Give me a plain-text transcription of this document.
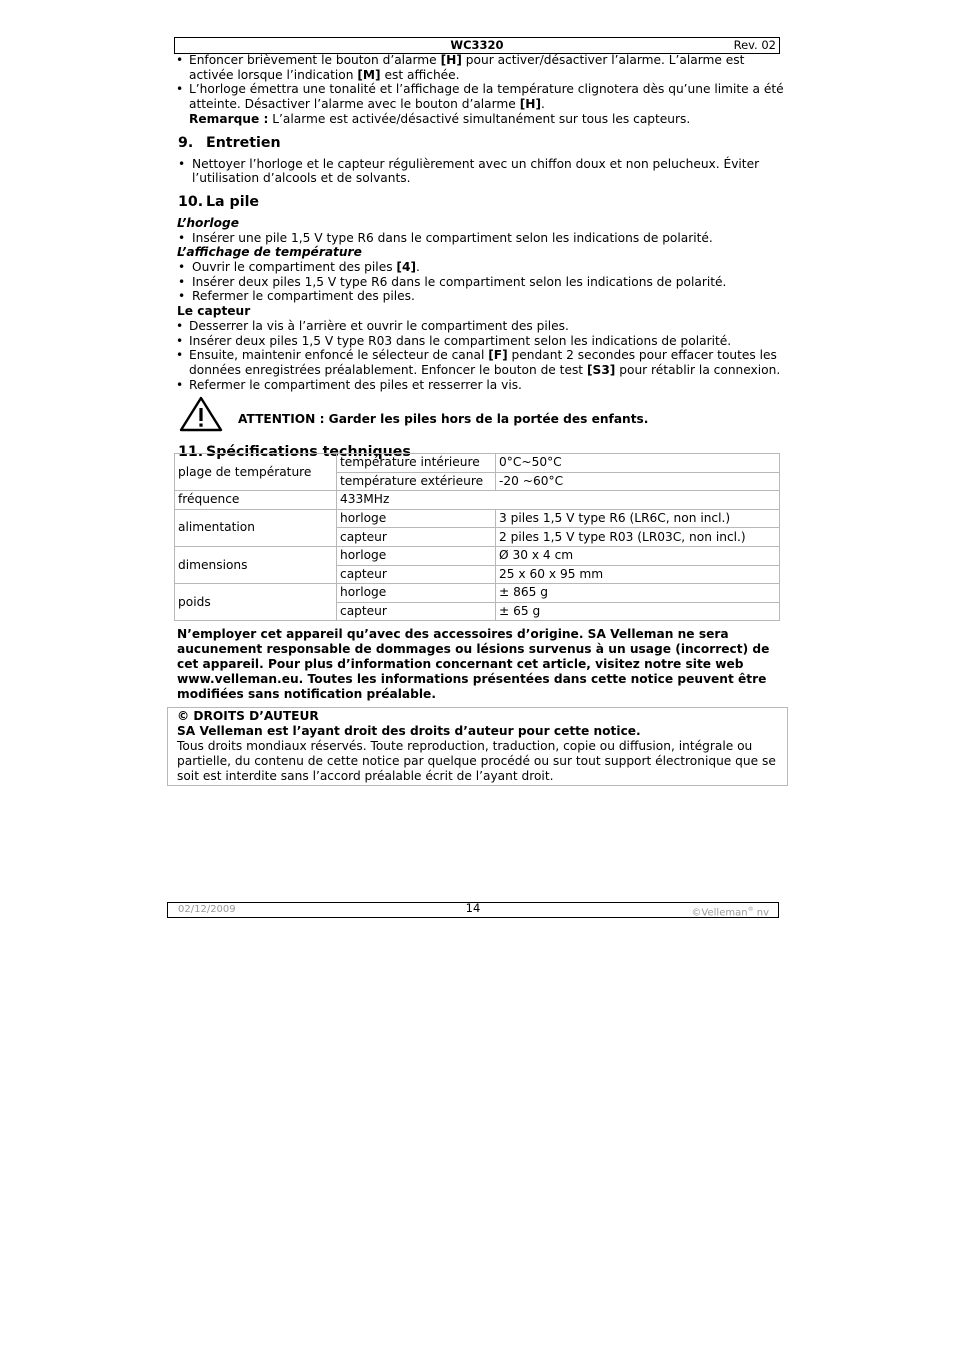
WC3320	Rev. 02
• Enfoncer brièvement le bouton d’alarme [H] pour activer/désactiver l’alarme. L’alarme est activée lorsque l’indication [M] est affichée.
• L’horloge émettra une tonalité et l’affichage de la température clignotera dès qu’une limite a été atteinte. Désactiver l’alarme avec le bouton d’alarme [H].
Remarque : L’alarme est activée/désactivé simultanément sur tous les capteurs.
9. Entretien
• Nettoyer l’horloge et le capteur régulièrement avec un chiffon doux et non pelucheux. Éviter l’utilisation d’alcools et de solvants.
10. La pile
L’horloge
• Insérer une pile 1,5 V type R6 dans le compartiment selon les indications de polarité.
L’affichage de température
• Ouvrir le compartiment des piles [4].
• Insérer deux piles 1,5 V type R6 dans le compartiment selon les indications de polarité.
• Refermer le compartiment des piles.
Le capteur
• Desserrer la vis à l’arrière et ouvrir le compartiment des piles.
• Insérer deux piles 1,5 V type R03 dans le compartiment selon les indications de polarité.
• Ensuite, maintenir enfoncé le sélecteur de canal [F] pendant 2 secondes pour effacer toutes les données enregistrées préalablement. Enfoncer le bouton de test [S3] pour rétablir la connexion.
• Refermer le compartiment des piles et resserrer la vis.
ATTENTION : Garder les piles hors de la portée des enfants.
11. Spécifications techniques
plage de température	température intérieure	0°C~50°C
	température extérieure	-20 ~60°C
fréquence	433MHz	
alimentation	horloge	3 piles 1,5 V type R6 (LR6C, non incl.)
	capteur	2 piles 1,5 V type R03 (LR03C, non incl.)
dimensions	horloge	Ø 30 x 4 cm
	capteur	25 x 60 x 95 mm
poids	horloge	± 865 g
	capteur	± 65 g
N’employer cet appareil qu’avec des accessoires d’origine. SA Velleman ne sera aucunement responsable de dommages ou lésions survenus à un usage (incorrect) de cet appareil. Pour plus d’information concernant cet article, visitez notre site web www.velleman.eu. Toutes les informations présentées dans cette notice peuvent être modifiées sans notification préalable.
© DROITS D’AUTEUR
SA Velleman est l’ayant droit des droits d’auteur pour cette notice.
Tous droits mondiaux réservés. Toute reproduction, traduction, copie ou diffusion, intégrale ou partielle, du contenu de cette notice par quelque procédé ou sur tout support électronique que se soit est interdite sans l’accord préalable écrit de l’ayant droit.
02/12/2009	14	©Velleman® nv
